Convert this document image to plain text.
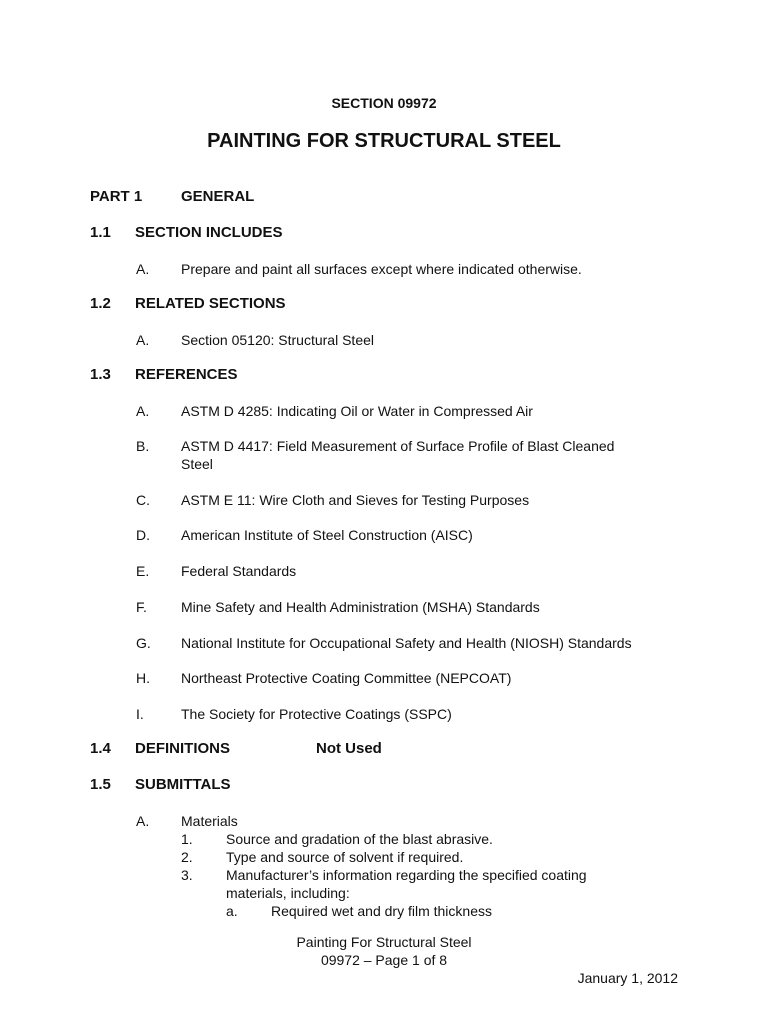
SECTION 09972
PAINTING FOR STRUCTURAL STEEL
PART 1	GENERAL
1.1 SECTION INCLUDES
A. Prepare and paint all surfaces except where indicated otherwise.
1.2 RELATED SECTIONS
A. Section 05120: Structural Steel
1.3 REFERENCES
A. ASTM D 4285: Indicating Oil or Water in Compressed Air
B. ASTM D 4417: Field Measurement of Surface Profile of Blast Cleaned
Steel
C. ASTM E 11: Wire Cloth and Sieves for Testing Purposes
D. American Institute of Steel Construction (AISC)
E. Federal Standards
F. Mine Safety and Health Administration (MSHA) Standards
G. National Institute for Occupational Safety and Health (NIOSH) Standards
H. Northeast Protective Coating Committee (NEPCOAT)
I.	The Society for Protective Coatings (SSPC)
1.4 DEFINITIONS	Not Used
1.5 SUBMITTALS
A. Materials
1. Source and gradation of the blast abrasive.
2. Type and source of solvent if required.
3. Manufacturer’s information regarding the specified coating
materials, including:
a. Required wet and dry film thickness
Painting For Structural Steel
09972 – Page 1 of 8
January 1, 2012
